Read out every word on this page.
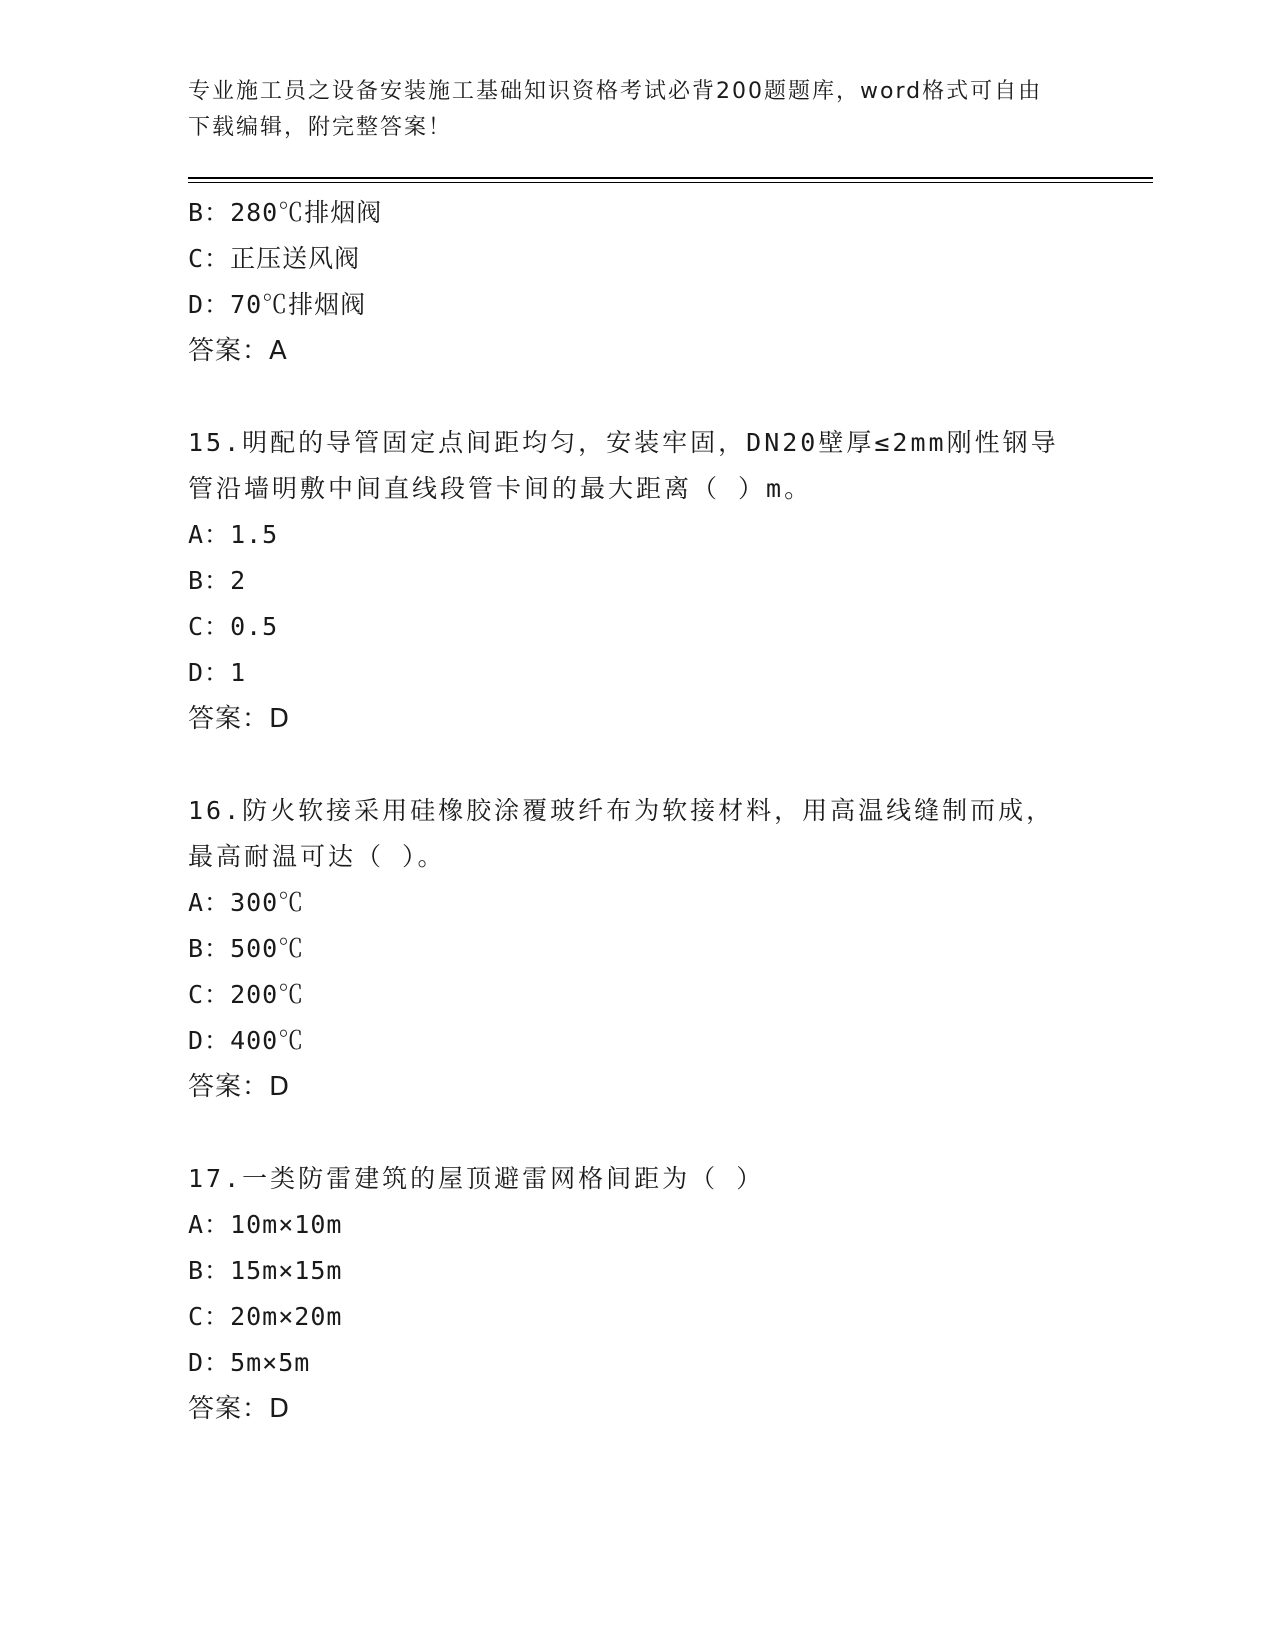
专业施工员之设备安装施工基础知识资格考试必背200题题库，word格式可自由
下载编辑，附完整答案！
B：280℃排烟阀
C：正压送风阀
D：70℃排烟阀
答案：A
15.明配的导管固定点间距均匀，安装牢固，DN20壁厚≤2mm刚性钢导
管沿墙明敷中间直线段管卡间的最大距离（ ）m。
A：1.5
B：2
C：0.5
D：1
答案：D
16.防火软接采用硅橡胶涂覆玻纤布为软接材料，用高温线缝制而成，
最高耐温可达（ ）。
A：300℃
B：500℃
C：200℃
D：400℃
答案：D
17.一类防雷建筑的屋顶避雷网格间距为（ ）
A：10m×10m
B：15m×15m
C：20m×20m
D：5m×5m
答案：D
